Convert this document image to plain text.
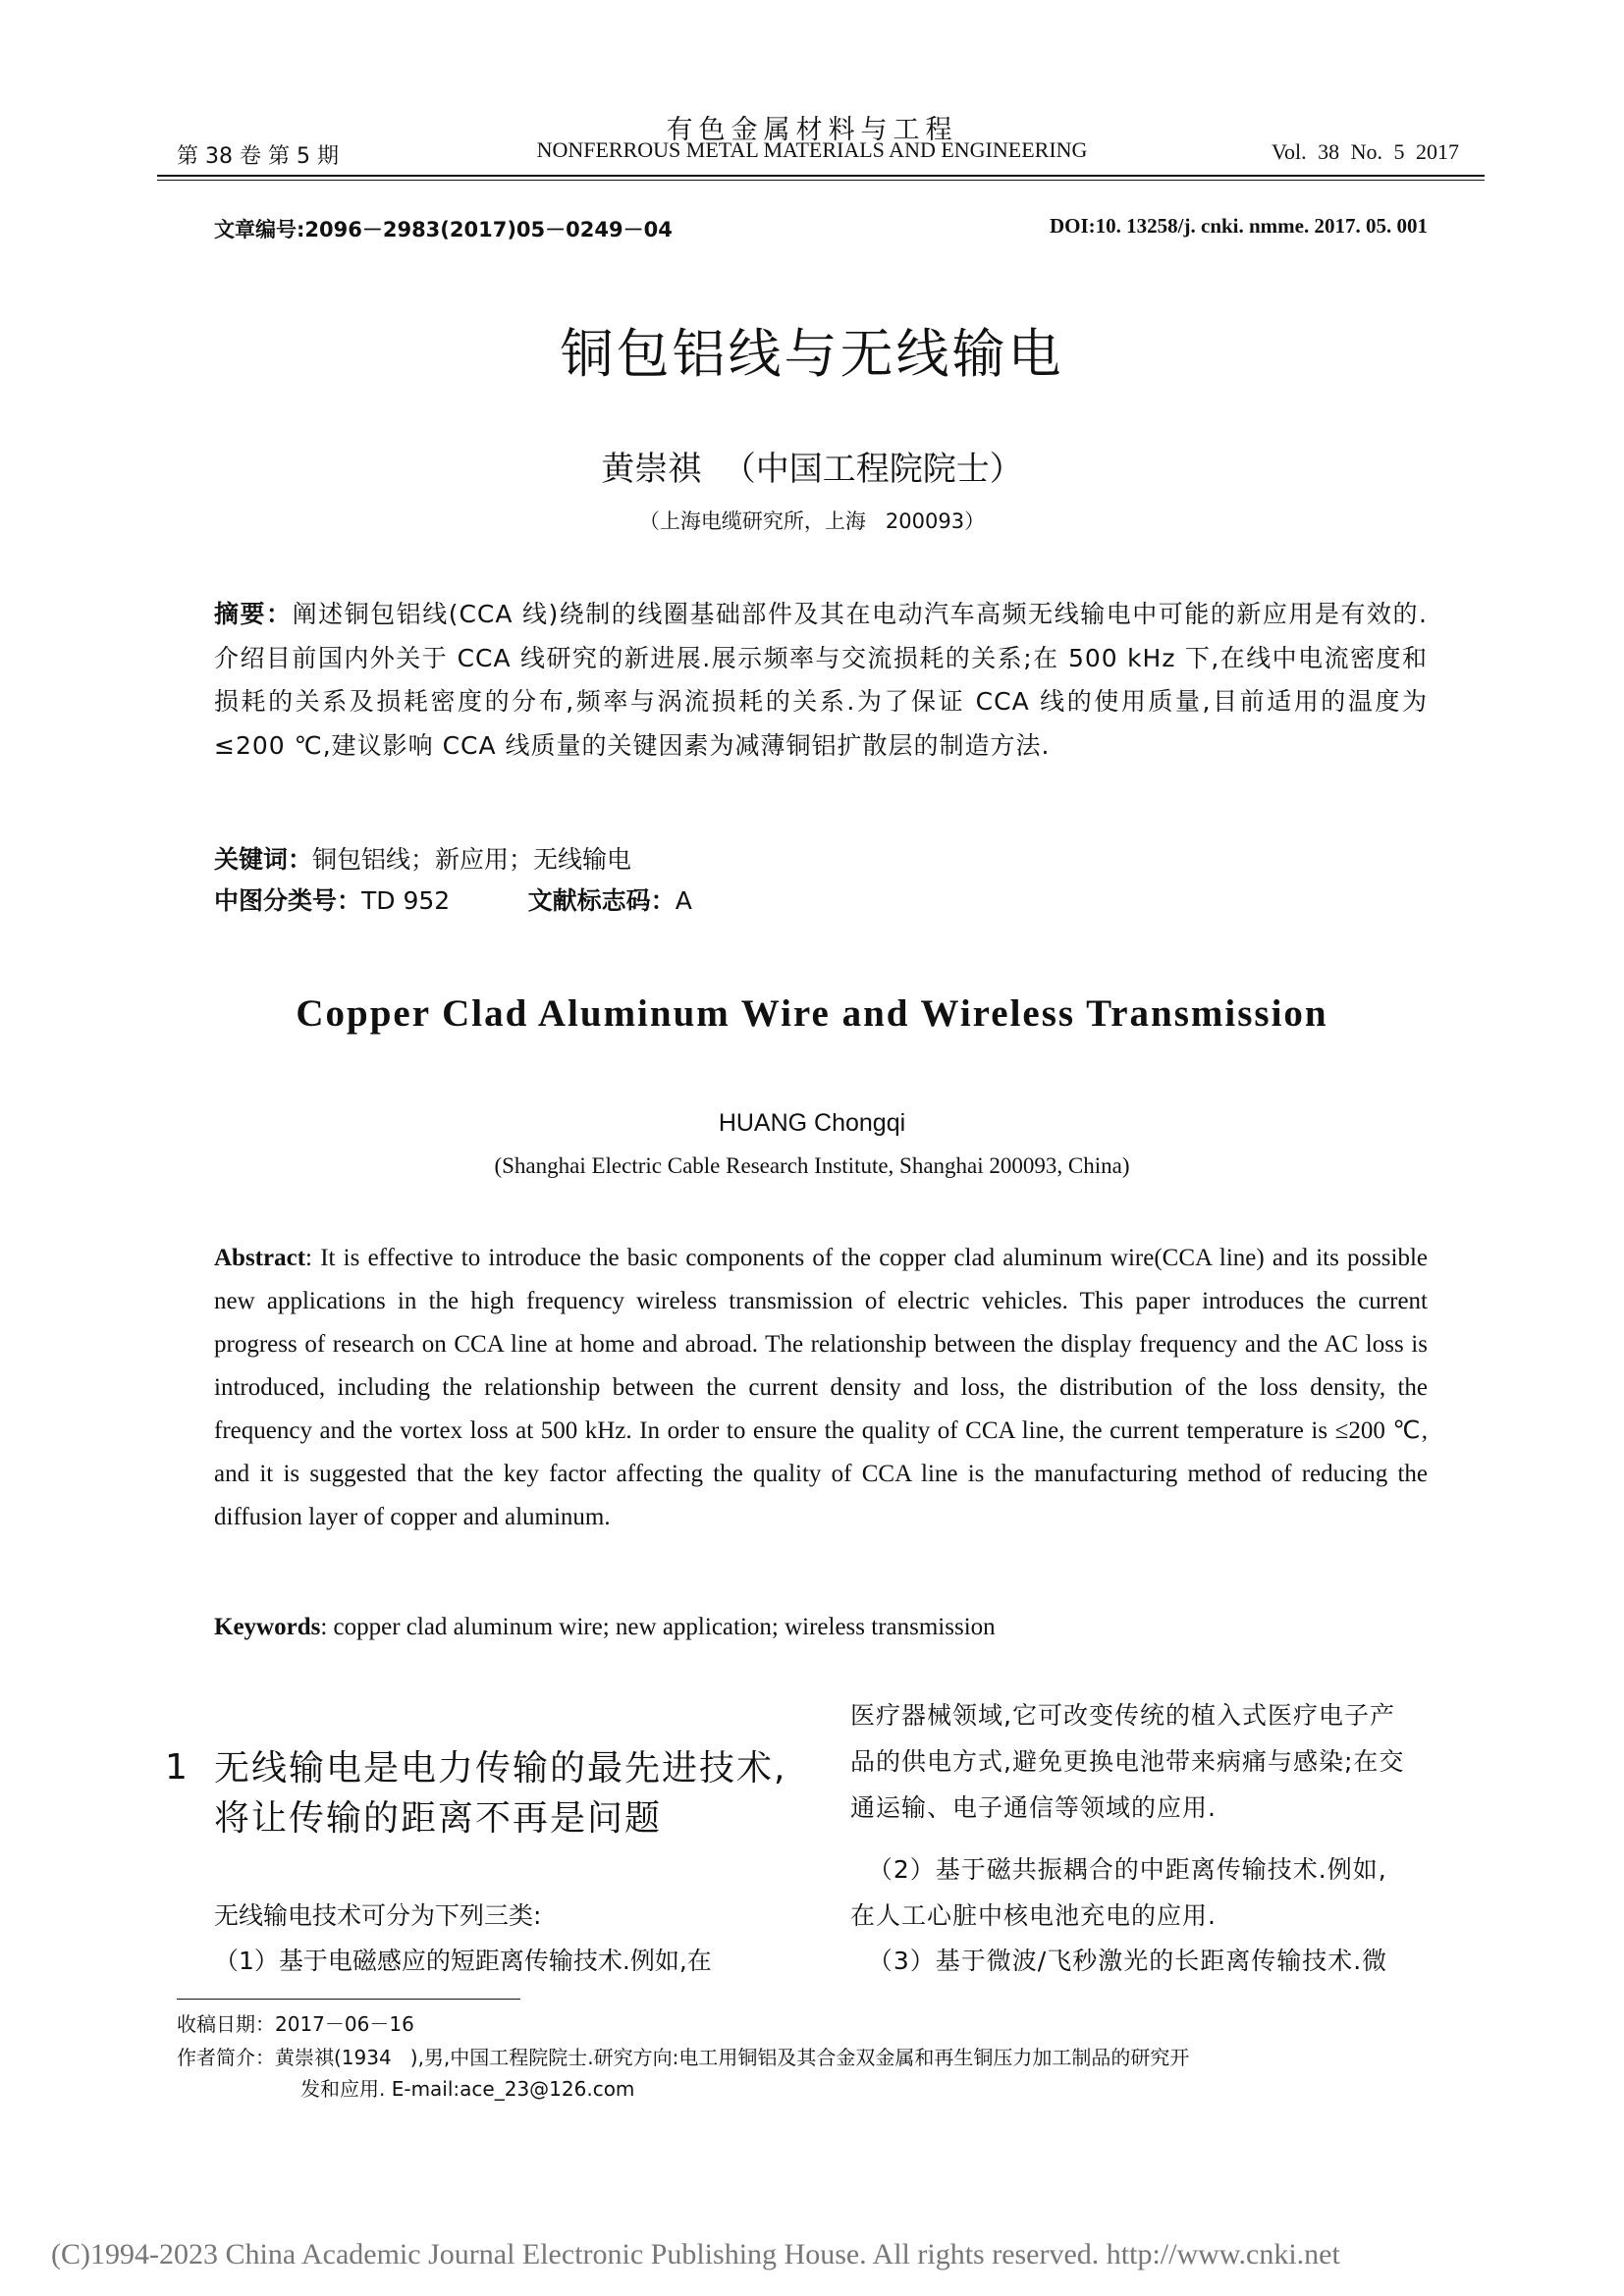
有色金属材料与工程
第 38 卷 第 5 期	NONFERROUS METAL MATERIALS AND ENGINEERING	Vol. 38 No. 5 2017
文章编号:2096－2983(2017)05－0249－04	DOI:10. 13258/j. cnki. nmme. 2017. 05. 001
铜包铝线与无线输电
黄崇祺  （中国工程院院士）
（上海电缆研究所，上海   200093）
摘要：阐述铜包铝线(CCA 线)绕制的线圈基础部件及其在电动汽车高频无线输电中可能的新应用是有效的.介绍目前国内外关于 CCA 线研究的新进展.展示频率与交流损耗的关系;在 500 kHz 下,在线中电流密度和损耗的关系及损耗密度的分布,频率与涡流损耗的关系.为了保证 CCA 线的使用质量,目前适用的温度为≤200 ℃,建议影响 CCA 线质量的关键因素为减薄铜铝扩散层的制造方法.
关键词：铜包铝线；新应用；无线输电
中图分类号：TD 952	文献标志码：A
Copper Clad Aluminum Wire and Wireless Transmission
HUANG Chongqi
(Shanghai Electric Cable Research Institute, Shanghai 200093, China)
Abstract: It is effective to introduce the basic components of the copper clad aluminum wire(CCA line) and its possible new applications in the high frequency wireless transmission of electric vehicles. This paper introduces the current progress of research on CCA line at home and abroad. The relationship between the display frequency and the AC loss is introduced, including the relationship between the current density and loss, the distribution of the loss density, the frequency and the vortex loss at 500 kHz. In order to ensure the quality of CCA line, the current temperature is ≤200 ℃, and it is suggested that the key factor affecting the quality of CCA line is the manufacturing method of reducing the diffusion layer of copper and aluminum.
Keywords: copper clad aluminum wire; new application; wireless transmission
1 无线输电是电力传输的最先进技术,将让传输的距离不再是问题
无线输电技术可分为下列三类:
（1）基于电磁感应的短距离传输技术.例如,在
医疗器械领域,它可改变传统的植入式医疗电子产
品的供电方式,避免更换电池带来病痛与感染;在交
通运输、电子通信等领域的应用.
（2）基于磁共振耦合的中距离传输技术.例如,
在人工心脏中核电池充电的应用.
（3）基于微波/飞秒激光的长距离传输技术.微
收稿日期：2017－06－16
作者简介：黄崇祺(1934   ),男,中国工程院院士.研究方向:电工用铜铝及其合金双金属和再生铜压力加工制品的研究开
发和应用. E-mail:ace_23@126.com
(C)1994-2023 China Academic Journal Electronic Publishing House. All rights reserved. http://www.cnki.net
